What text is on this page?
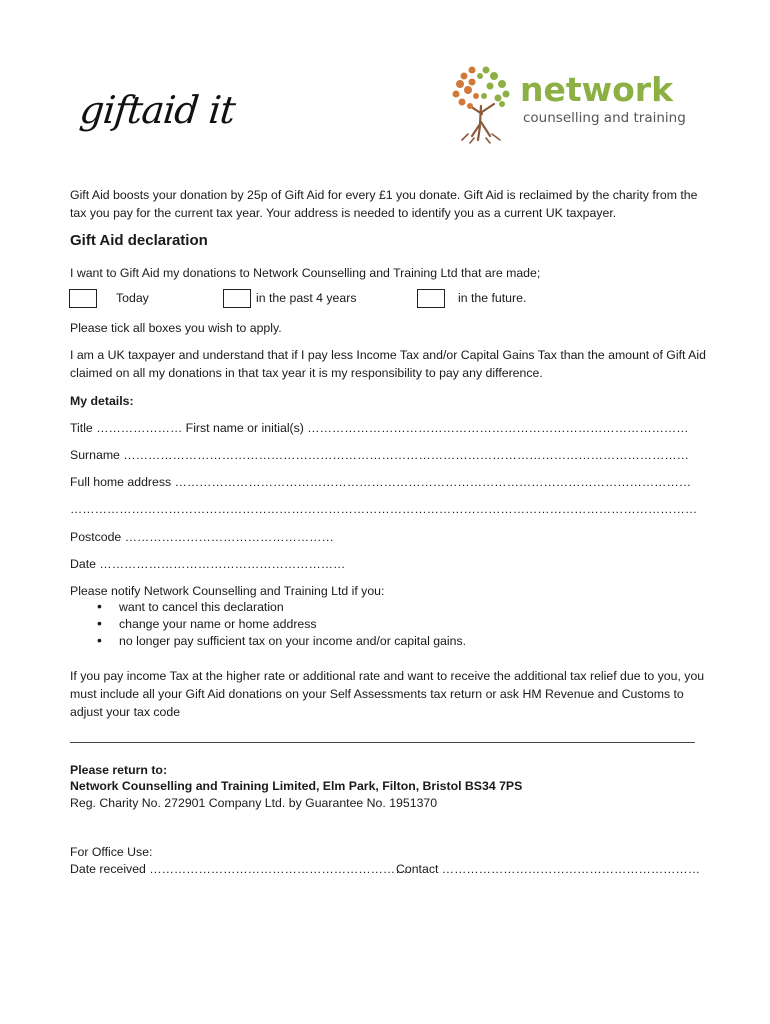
giftaid it	network
counselling and training
Gift Aid boosts your donation by 25p of Gift Aid for every £1 you donate. Gift Aid is reclaimed by the charity from the tax you pay for the current tax year. Your address is needed to identify you as a current UK taxpayer.
Gift Aid declaration
I want to Gift Aid my donations to Network Counselling and Training Ltd that are made;
Today	in the past 4 years	in the future.
Please tick all boxes you wish to apply.
I am a UK taxpayer and understand that if I pay less Income Tax and/or Capital Gains Tax than the amount of Gift Aid claimed on all my donations in that tax year it is my responsibility to pay any difference.
My details:
Title ………………… First name or initial(s) …………………………………………………………………………………
Surname …………………………………………………………………………………………………………………………
Full home address ………………………………………………………………………………………………………………
………………………………………………………………………………………………………………………………………
Postcode ……………………………………………
Date ……………………………………………………
Please notify Network Counselling and Training Ltd if you:
• want to cancel this declaration
• change your name or home address
• no longer pay sufficient tax on your income and/or capital gains.
If you pay income Tax at the higher rate or additional rate and want to receive the additional tax relief due to you, you must include all your Gift Aid donations on your Self Assessments tax return or ask HM Revenue and Customs to adjust your tax code
Please return to:
Network Counselling and Training Limited, Elm Park, Filton, Bristol BS34 7PS
Reg. Charity No. 272901 Company Ltd. by Guarantee No. 1951370
For Office Use:
Date received ……………………………………………………….
Contact ………………………………………………………
